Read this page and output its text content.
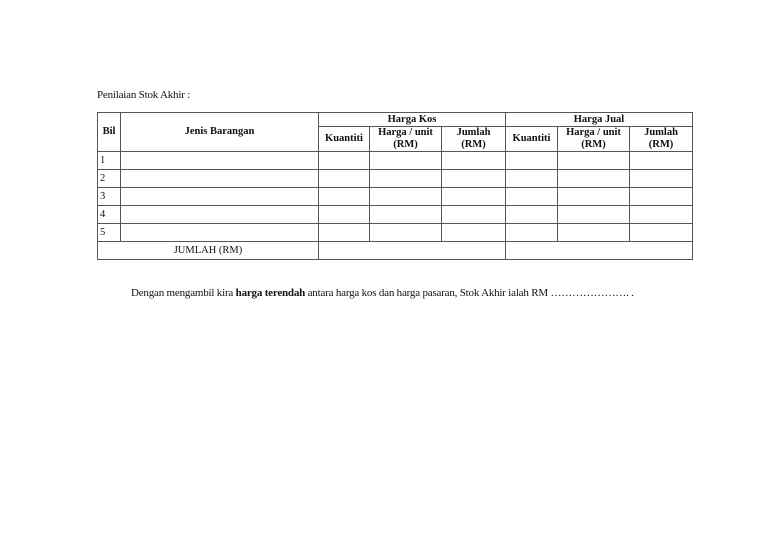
Penilaian Stok Akhir :
Bil	Jenis Barangan	Harga Kos			Harga Jual		
		Kuantiti	Harga / unit (RM)	Jumlah (RM)	Kuantiti	Harga / unit (RM)	Jumlah (RM)
1							
2							
3							
4							
5							
JUMLAH (RM)							
Dengan mengambil kira harga terendah antara harga kos dan harga pasaran, Stok Akhir ialah RM …………………. .
